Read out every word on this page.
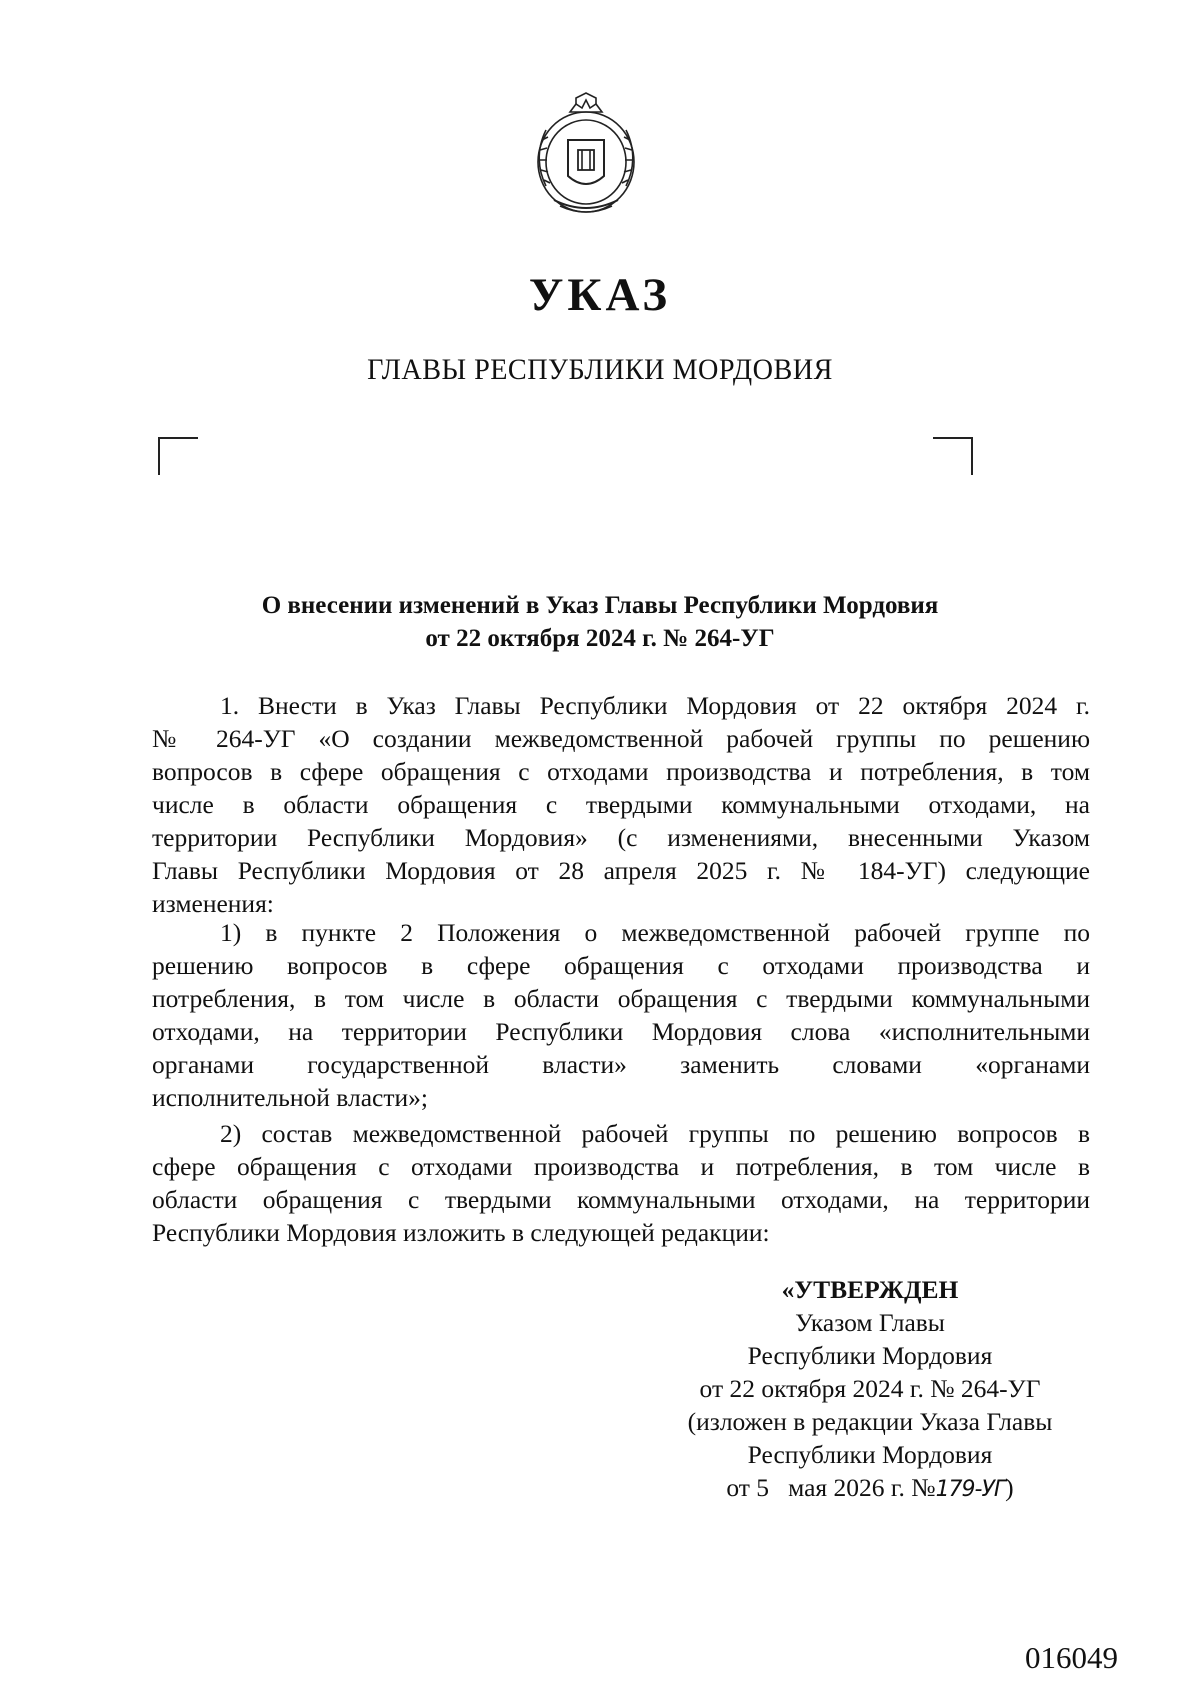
УКАЗ
ГЛАВЫ РЕСПУБЛИКИ МОРДОВИЯ
О внесении изменений в Указ Главы Республики Мордовия
от 22 октября 2024 г. № 264-УГ
1. Внести в Указ Главы Республики Мордовия от 22 октября 2024 г.
№ 264-УГ «О создании межведомственной рабочей группы по решению
вопросов в сфере обращения с отходами производства и потребления, в том
числе в области обращения с твердыми коммунальными отходами, на
территории Республики Мордовия» (с изменениями, внесенными Указом
Главы Республики Мордовия от 28 апреля 2025 г. № 184-УГ) следующие
изменения:
1) в пункте 2 Положения о межведомственной рабочей группе по
решению вопросов в сфере обращения с отходами производства и
потребления, в том числе в области обращения с твердыми коммунальными
отходами, на территории Республики Мордовия слова «исполнительными
органами государственной власти» заменить словами «органами
исполнительной власти»;
2) состав межведомственной рабочей группы по решению вопросов в
сфере обращения с отходами производства и потребления, в том числе в
области обращения с твердыми коммунальными отходами, на территории
Республики Мордовия изложить в следующей редакции:
«УТВЕРЖДЕН
Указом Главы
Республики Мордовия
от 22 октября 2024 г. № 264-УГ
(изложен в редакции Указа Главы
Республики Мордовия
от 5   мая 2026 г. №179-УГ)
016049
